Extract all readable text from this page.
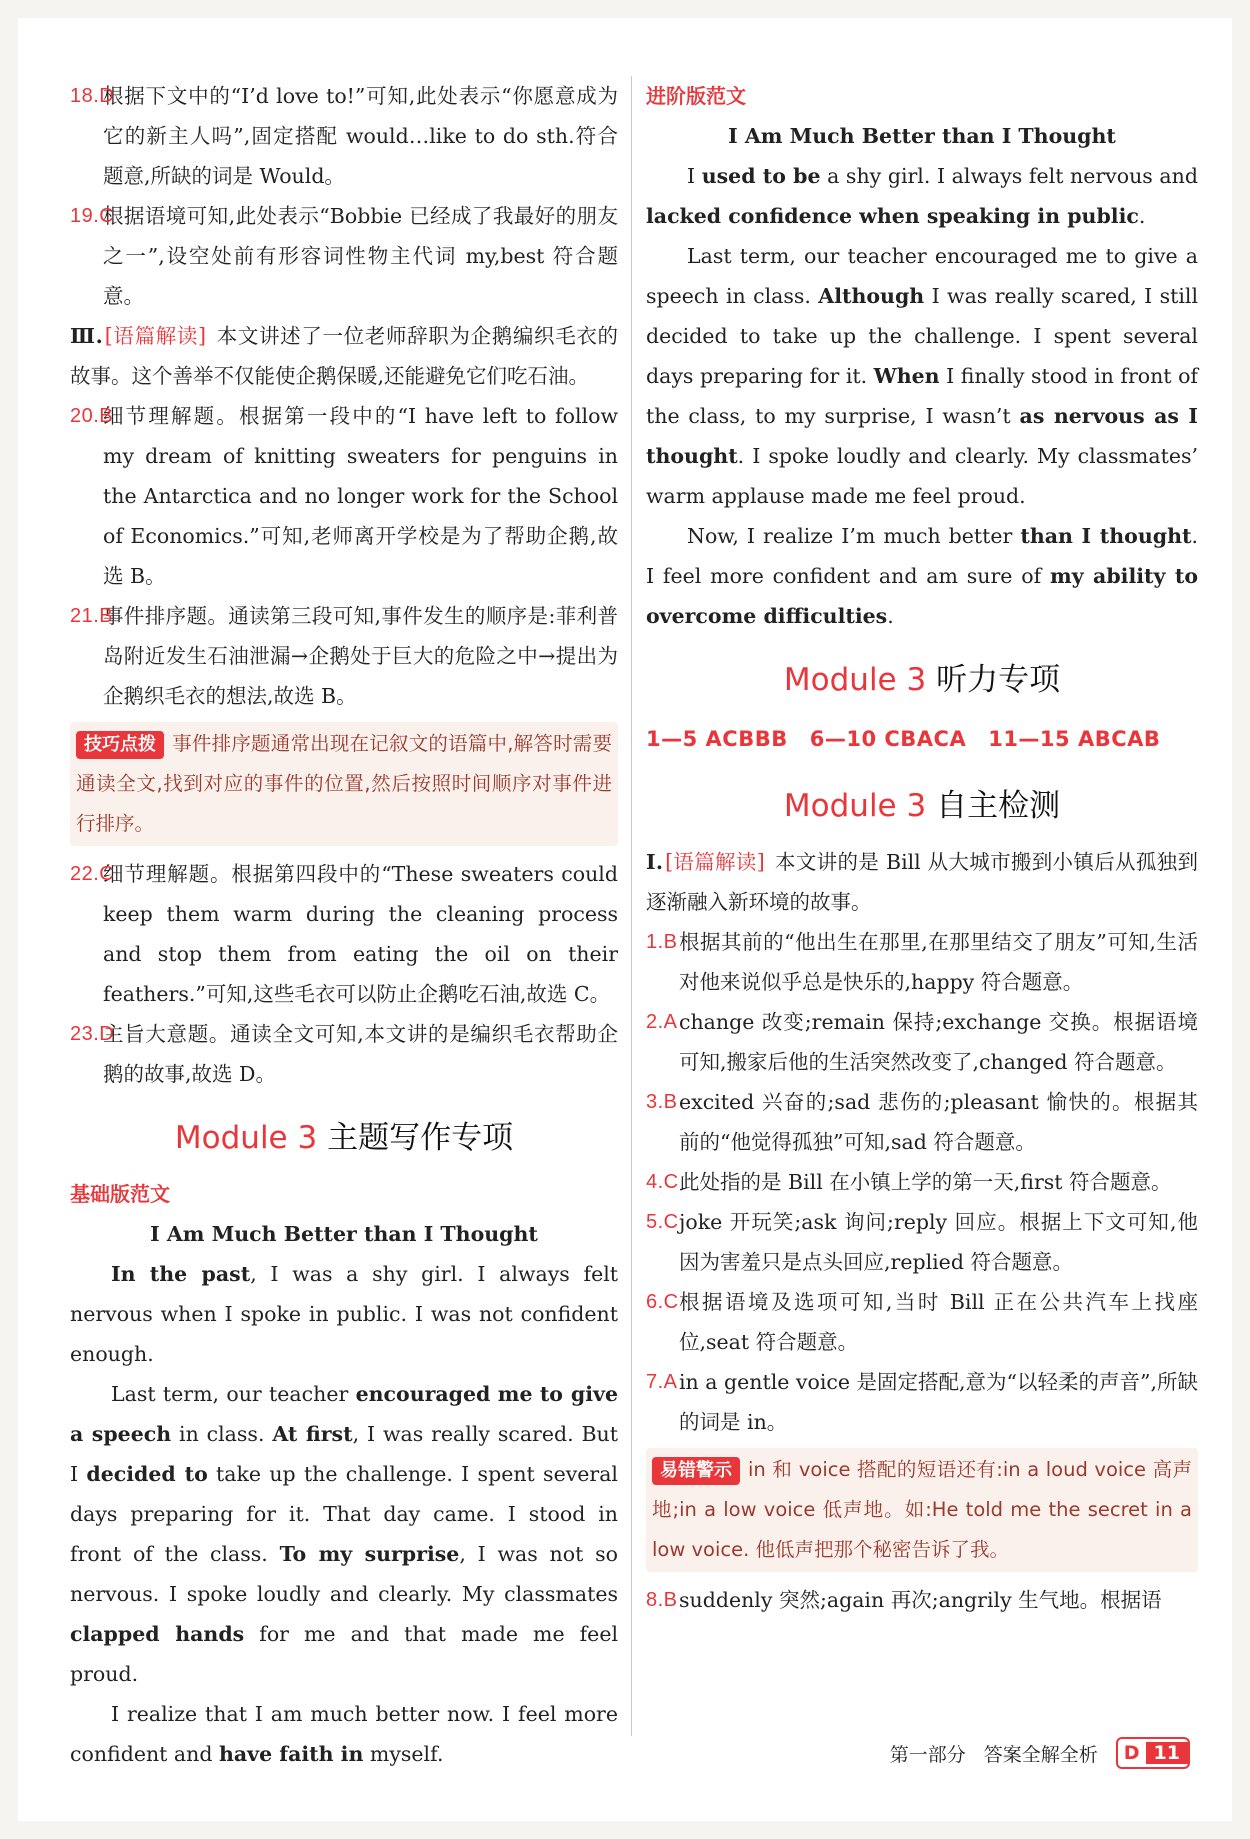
18.D
根据下文中的“I’d love to!”可知,此处表示“你愿意成为它的新主人吗”,固定搭配 would…like to do sth.符合题意,所缺的词是 Would。
19.C
根据语境可知,此处表示“Bobbie 已经成了我最好的朋友之一”,设空处前有形容词性物主代词 my,best 符合题意。

Ⅲ.[语篇解读] 本文讲述了一位老师辞职为企鹅编织毛衣的故事。这个善举不仅能使企鹅保暖,还能避免它们吃石油。

20.B
细节理解题。根据第一段中的“I have left to follow my dream of knitting sweaters for penguins in the Antarctica and no longer work for the School of Economics.”可知,老师离开学校是为了帮助企鹅,故选 B。
21.B
事件排序题。通读第三段可知,事件发生的顺序是:菲利普岛附近发生石油泄漏→企鹅处于巨大的危险之中→提出为企鹅织毛衣的想法,故选 B。
技巧点拨 事件排序题通常出现在记叙文的语篇中,解答时需要通读全文,找到对应的事件的位置,然后按照时间顺序对事件进行排序。
22.C
细节理解题。根据第四段中的“These sweaters could keep them warm during the cleaning process and stop them from eating the oil on their feathers.”可知,这些毛衣可以防止企鹅吃石油,故选 C。
23.D
主旨大意题。通读全文可知,本文讲的是编织毛衣帮助企鹅的故事,故选 D。
Module 3 主题写作专项

基础版范文

I Am Much Better than I Thought

In the past, I was a shy girl. I always felt nervous when I spoke in public. I was not confident enough.

Last term, our teacher encouraged me to give a speech in class. At first, I was really scared. But I decided to take up the challenge. I spent several days preparing for it. That day came. I stood in front of the class. To my surprise, I was not so nervous. I spoke loudly and clearly. My classmates clapped hands for me and that made me feel proud.

I realize that I am much better now. I feel more confident and have faith in myself.

进阶版范文

I Am Much Better than I Thought

I used to be a shy girl. I always felt nervous and lacked confidence when speaking in public.

Last term, our teacher encouraged me to give a speech in class. Although I was really scared, I still decided to take up the challenge. I spent several days preparing for it. When I finally stood in front of the class, to my surprise, I wasn’t as nervous as I thought. I spoke loudly and clearly. My classmates’ warm applause made me feel proud.

Now, I realize I’m much better than I thought. I feel more confident and am sure of my ability to overcome difficulties.

Module 3 听力专项
1—5 ACBBB 6—10 CBACA 11—15 ABCAB
Module 3 自主检测

Ⅰ.[语篇解读] 本文讲的是 Bill 从大城市搬到小镇后从孤独到逐渐融入新环境的故事。

1.B 根据其前的“他出生在那里,在那里结交了朋友”可知,生活对他来说似乎总是快乐的,happy 符合题意。
2.A change 改变;remain 保持;exchange 交换。根据语境可知,搬家后他的生活突然改变了,changed 符合题意。
3.B excited 兴奋的;sad 悲伤的;pleasant 愉快的。根据其前的“他觉得孤独”可知,sad 符合题意。
4.C 此处指的是 Bill 在小镇上学的第一天,first 符合题意。
5.C joke 开玩笑;ask 询问;reply 回应。根据上下文可知,他因为害羞只是点头回应,replied 符合题意。
6.C 根据语境及选项可知,当时 Bill 正在公共汽车上找座位,seat 符合题意。
7.A in a gentle voice 是固定搭配,意为“以轻柔的声音”,所缺的词是 in。
易错警示 in 和 voice 搭配的短语还有:in a loud voice 高声地;in a low voice 低声地。如:He told me the secret in a low voice. 他低声把那个秘密告诉了我。
8.B suddenly 突然;again 再次;angrily 生气地。根据语
第一部分 答案全解全析	D 11
